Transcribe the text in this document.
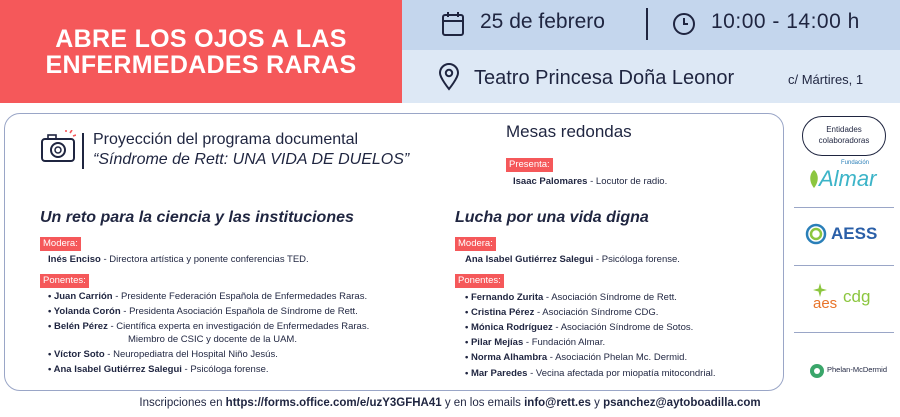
ABRE LOS OJOS A LAS
ENFERMEDADES RARAS
25 de febrero	10:00 - 14:00 h
Teatro Princesa Doña Leonor	c/ Mártires, 1
Proyección del programa documental
“Síndrome de Rett: UNA VIDA DE DUELOS”
Mesas redondas
Presenta:
Isaac Palomares - Locutor de radio.
Un reto para la ciencia y las instituciones
Modera:
Inés Enciso - Directora artística y ponente conferencias TED.
Ponentes:
• Juan Carrión - Presidente Federación Española de Enfermedades Raras.
• Yolanda Corón - Presidenta Asociación Española de Síndrome de Rett.
• Belén Pérez - Científica experta en investigación de Enfermedades Raras.
Miembro de CSIC y docente de la UAM.
• Víctor Soto - Neuropediatra del Hospital Niño Jesús.
• Ana Isabel Gutiérrez Salegui - Psicóloga forense.
Lucha por una vida digna
Modera:
Ana Isabel Gutiérrez Salegui - Psicóloga forense.
Ponentes:
• Fernando Zurita - Asociación Síndrome de Rett.
• Cristina Pérez - Asociación Síndrome CDG.
• Mónica Rodríguez - Asociación Síndrome de Sotos.
• Pilar Mejías - Fundación Almar.
• Norma Alhambra - Asociación Phelan Mc. Dermid.
• Mar Paredes - Vecina afectada por miopatía mitocondrial.
Entidades
colaboradoras
Fundación
Almar
AESS
aes cdg
Phelan-McDermid
Inscripciones en https://forms.office.com/e/uzY3GFHA41 y en los emails info@rett.es y psanchez@aytoboadilla.com
